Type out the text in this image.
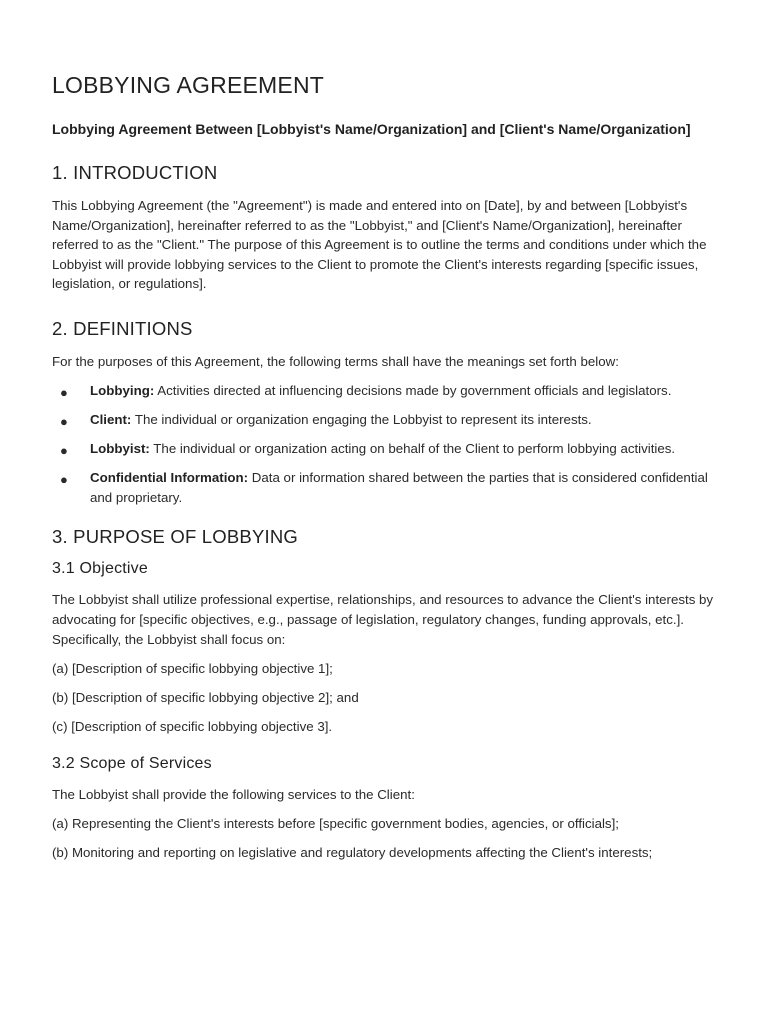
LOBBYING AGREEMENT
Lobbying Agreement Between [Lobbyist's Name/Organization] and [Client's Name/Organization]
1. INTRODUCTION

This Lobbying Agreement (the "Agreement") is made and entered into on [Date], by and between [Lobbyist's Name/Organization], hereinafter referred to as the "Lobbyist," and [Client's Name/Organization], hereinafter referred to as the "Client." The purpose of this Agreement is to outline the terms and conditions under which the Lobbyist will provide lobbying services to the Client to promote the Client's interests regarding [specific issues, legislation, or regulations].

2. DEFINITIONS

For the purposes of this Agreement, the following terms shall have the meanings set forth below:

● Lobbying: Activities directed at influencing decisions made by government officials and legislators.
● Client: The individual or organization engaging the Lobbyist to represent its interests.
● Lobbyist: The individual or organization acting on behalf of the Client to perform lobbying activities.
● Confidential Information: Data or information shared between the parties that is considered confidential and proprietary.
3. PURPOSE OF LOBBYING
3.1 Objective

The Lobbyist shall utilize professional expertise, relationships, and resources to advance the Client's interests by advocating for [specific objectives, e.g., passage of legislation, regulatory changes, funding approvals, etc.]. Specifically, the Lobbyist shall focus on:

(a) [Description of specific lobbying objective 1];

(b) [Description of specific lobbying objective 2]; and

(c) [Description of specific lobbying objective 3].

3.2 Scope of Services

The Lobbyist shall provide the following services to the Client:

(a) Representing the Client's interests before [specific government bodies, agencies, or officials];

(b) Monitoring and reporting on legislative and regulatory developments affecting the Client's interests;
